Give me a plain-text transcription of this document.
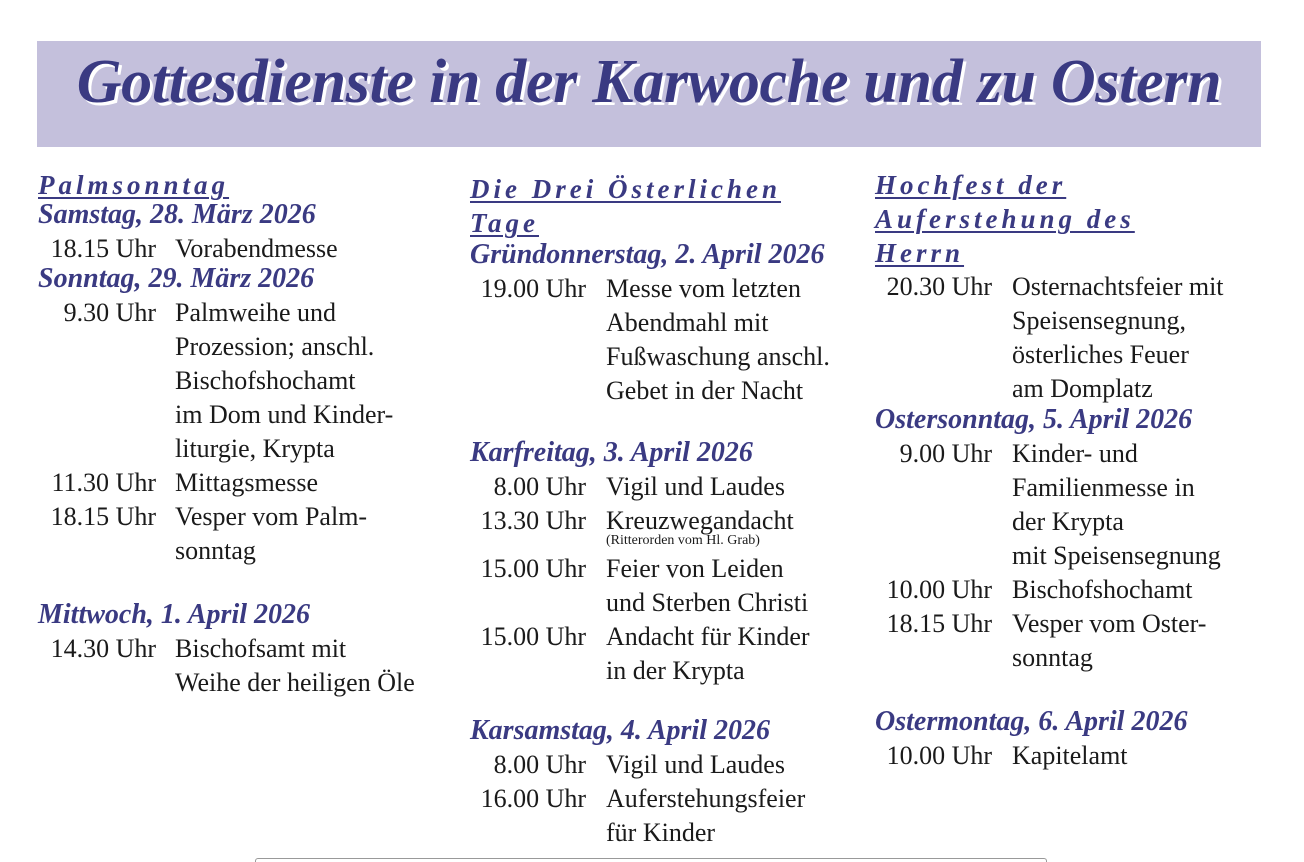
Gottesdienste in der Karwoche und zu Ostern
Palmsonntag
Samstag, 28. März 2026
18.15 Uhr Vorabendmesse
Sonntag, 29. März 2026
9.30 Uhr Palmweihe und
Prozession; anschl.
Bischofshochamt
im Dom und Kinder-
liturgie, Krypta
11.30 Uhr Mittagsmesse
18.15 Uhr Vesper vom Palm-
sonntag
Mittwoch, 1. April 2026
14.30 Uhr Bischofsamt mit
Weihe der heiligen Öle
Die Drei Österlichen
Tage
Gründonnerstag, 2. April 2026
19.00 Uhr Messe vom letzten
Abendmahl mit
Fußwaschung anschl.
Gebet in der Nacht
Karfreitag, 3. April 2026
8.00 Uhr Vigil und Laudes
13.30 Uhr Kreuzwegandacht
(Ritterorden vom Hl. Grab)
15.00 Uhr Feier von Leiden
und Sterben Christi
15.00 Uhr Andacht für Kinder
in der Krypta
Karsamstag, 4. April 2026
8.00 Uhr Vigil und Laudes
16.00 Uhr Auferstehungsfeier
für Kinder
Hochfest der
Auferstehung des
Herrn
20.30 Uhr Osternachtsfeier mit
Speisensegnung,
österliches Feuer
am Domplatz
Ostersonntag, 5. April 2026
9.00 Uhr Kinder- und
Familienmesse in
der Krypta
mit Speisensegnung
10.00 Uhr Bischofshochamt
18.15 Uhr Vesper vom Oster-
sonntag
Ostermontag, 6. April 2026
10.00 Uhr Kapitelamt
